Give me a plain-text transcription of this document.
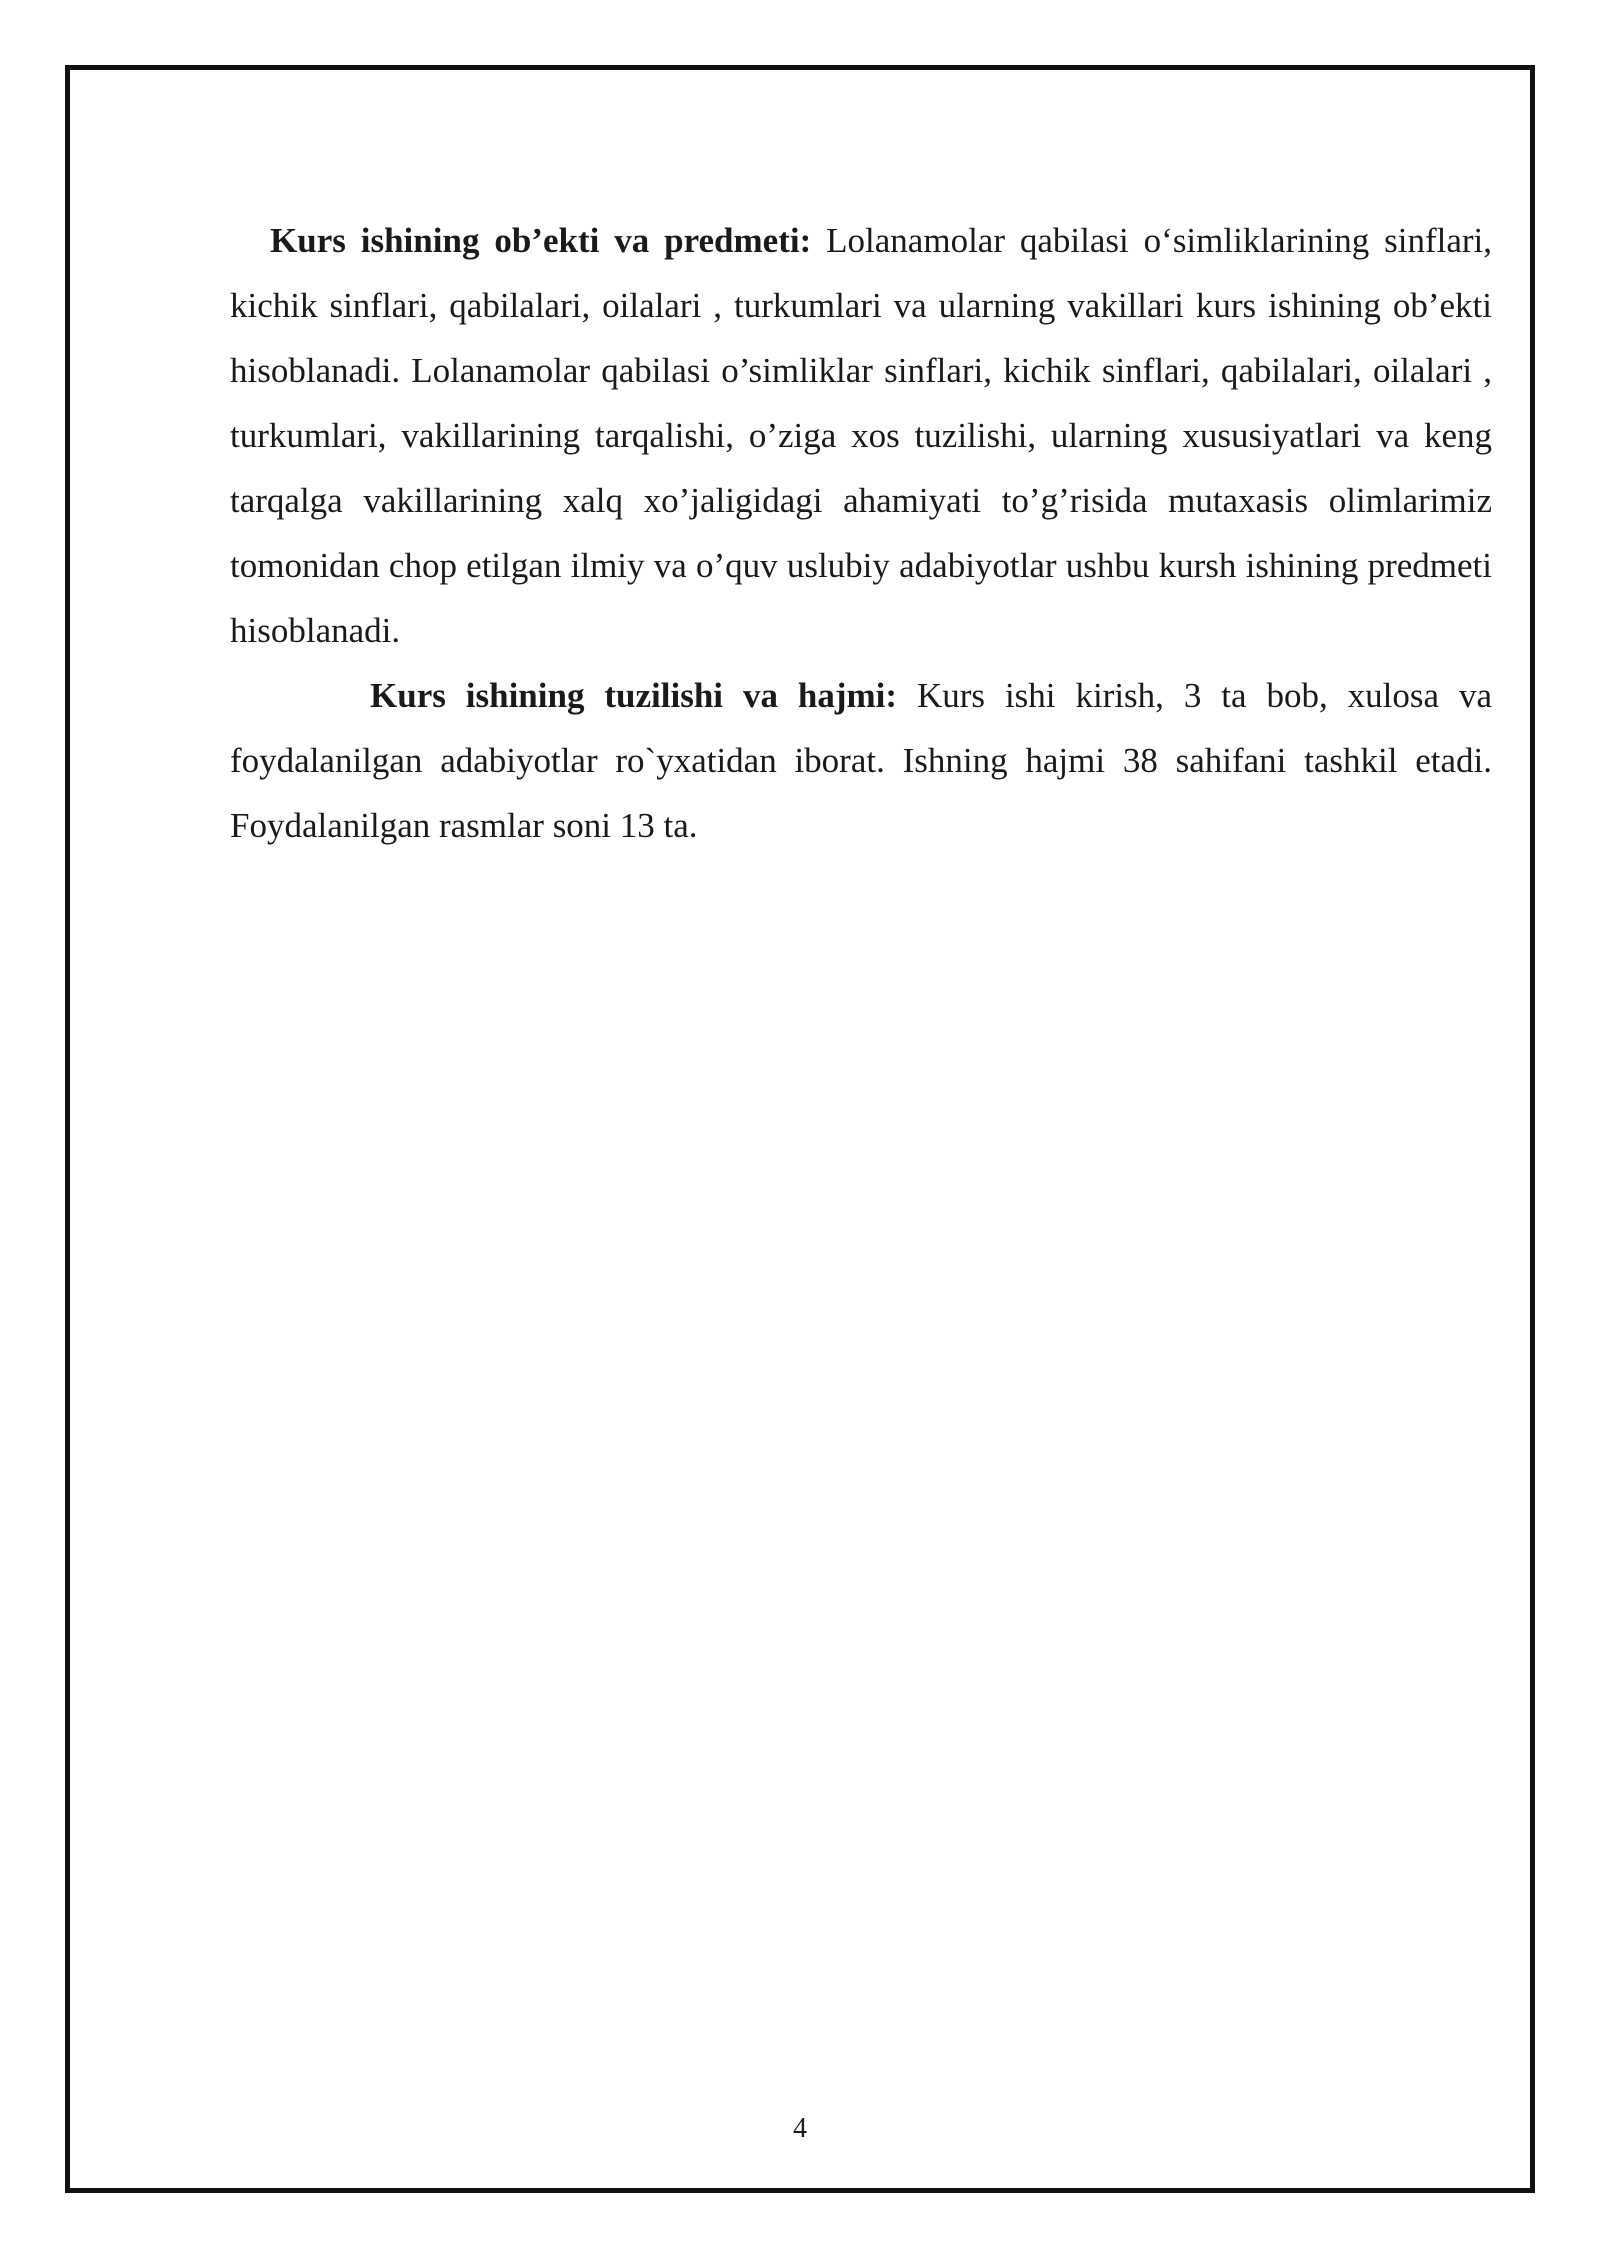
Kurs ishining ob’ekti va predmeti: Lolanamolar qabilasi o‘simliklarining sinflari, kichik sinflari, qabilalari, oilalari , turkumlari va ularning vakillari kurs ishining ob’ekti hisoblanadi. Lolanamolar qabilasi o’simliklar sinflari, kichik sinflari, qabilalari, oilalari , turkumlari, vakillarining tarqalishi, o’ziga xos tuzilishi, ularning xususiyatlari va keng tarqalga vakillarining xalq xo’jaligidagi ahamiyati to’g’risida mutaxasis olimlarimiz tomonidan chop etilgan ilmiy va o’quv uslubiy adabiyotlar ushbu kursh ishining predmeti hisoblanadi.

Kurs ishining tuzilishi va hajmi: Kurs ishi kirish, 3 ta bob, xulosa va foydalanilgan adabiyotlar ro`yxatidan iborat. Ishning hajmi 38 sahifani tashkil etadi. Foydalanilgan rasmlar soni 13 ta.

4
